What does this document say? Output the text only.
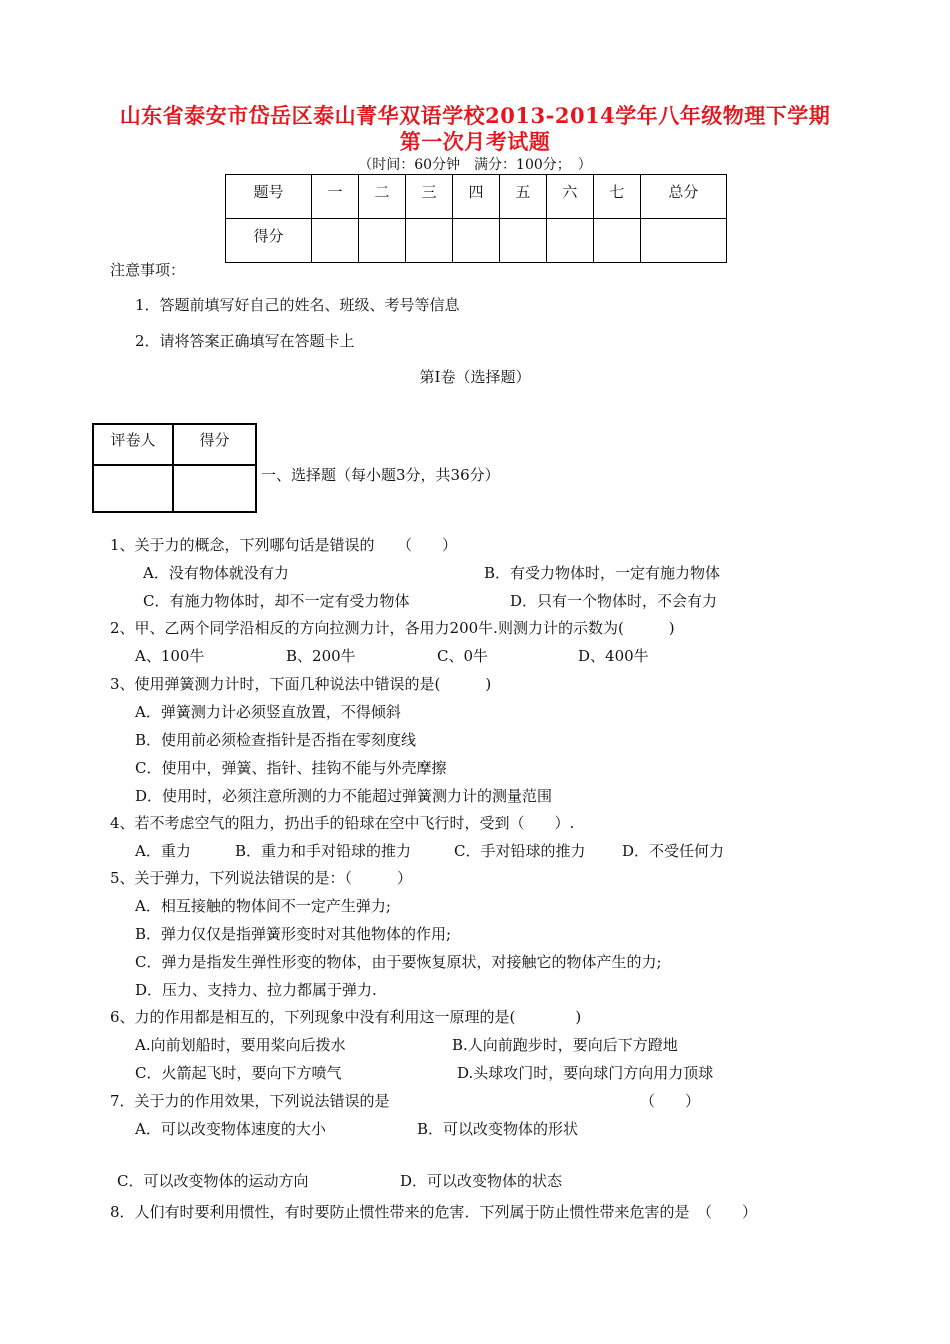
山东省泰安市岱岳区泰山菁华双语学校2013-2014学年八年级物理下学期
第一次月考试题
（时间：60分钟　满分：100分；　）
题号	一	二	三	四	五	六	七	总分
得分								
注意事项：
1．答题前填写好自己的姓名、班级、考号等信息
2．请将答案正确填写在答题卡上
第I卷（选择题）
评卷人	得分

一、选择题（每小题3分，共36分）
1、关于力的概念，下列哪句话是错误的　　（　　）
A．没有物体就没有力	B．有受力物体时，一定有施力物体
C．有施力物体时，却不一定有受力物体	D．只有一个物体时，不会有力
2、甲、乙两个同学沿相反的方向拉测力计，各用力200牛.则测力计的示数为(　　　)
A、100牛	B、200牛	C、0牛	D、400牛
3、使用弹簧测力计时，下面几种说法中错误的是(　　　)
A．弹簧测力计必须竖直放置，不得倾斜
B．使用前必须检查指针是否指在零刻度线
C．使用中，弹簧、指针、挂钩不能与外壳摩擦
D．使用时，必须注意所测的力不能超过弹簧测力计的测量范围
4、若不考虑空气的阻力，扔出手的铅球在空中飞行时，受到（　　）.
A．重力	B．重力和手对铅球的推力	C．手对铅球的推力 D．不受任何力
5、关于弹力，下列说法错误的是：（　　　）
A．相互接触的物体间不一定产生弹力;
B．弹力仅仅是指弹簧形变时对其他物体的作用;
C．弹力是指发生弹性形变的物体，由于要恢复原状，对接触它的物体产生的力;
D．压力、支持力、拉力都属于弹力.
6、力的作用都是相互的，下列现象中没有利用这一原理的是(　　　　)
A.向前划船时，要用桨向后拨水	B.人向前跑步时，要向后下方蹬地
C．火箭起飞时，要向下方喷气	D.头球攻门时，要向球门方向用力顶球
7．关于力的作用效果，下列说法错误的是	（　　）
A．可以改变物体速度的大小	B．可以改变物体的形状
C．可以改变物体的运动方向	D．可以改变物体的状态
8．人们有时要利用惯性，有时要防止惯性带来的危害．下列属于防止惯性带来危害的是　（　　）
